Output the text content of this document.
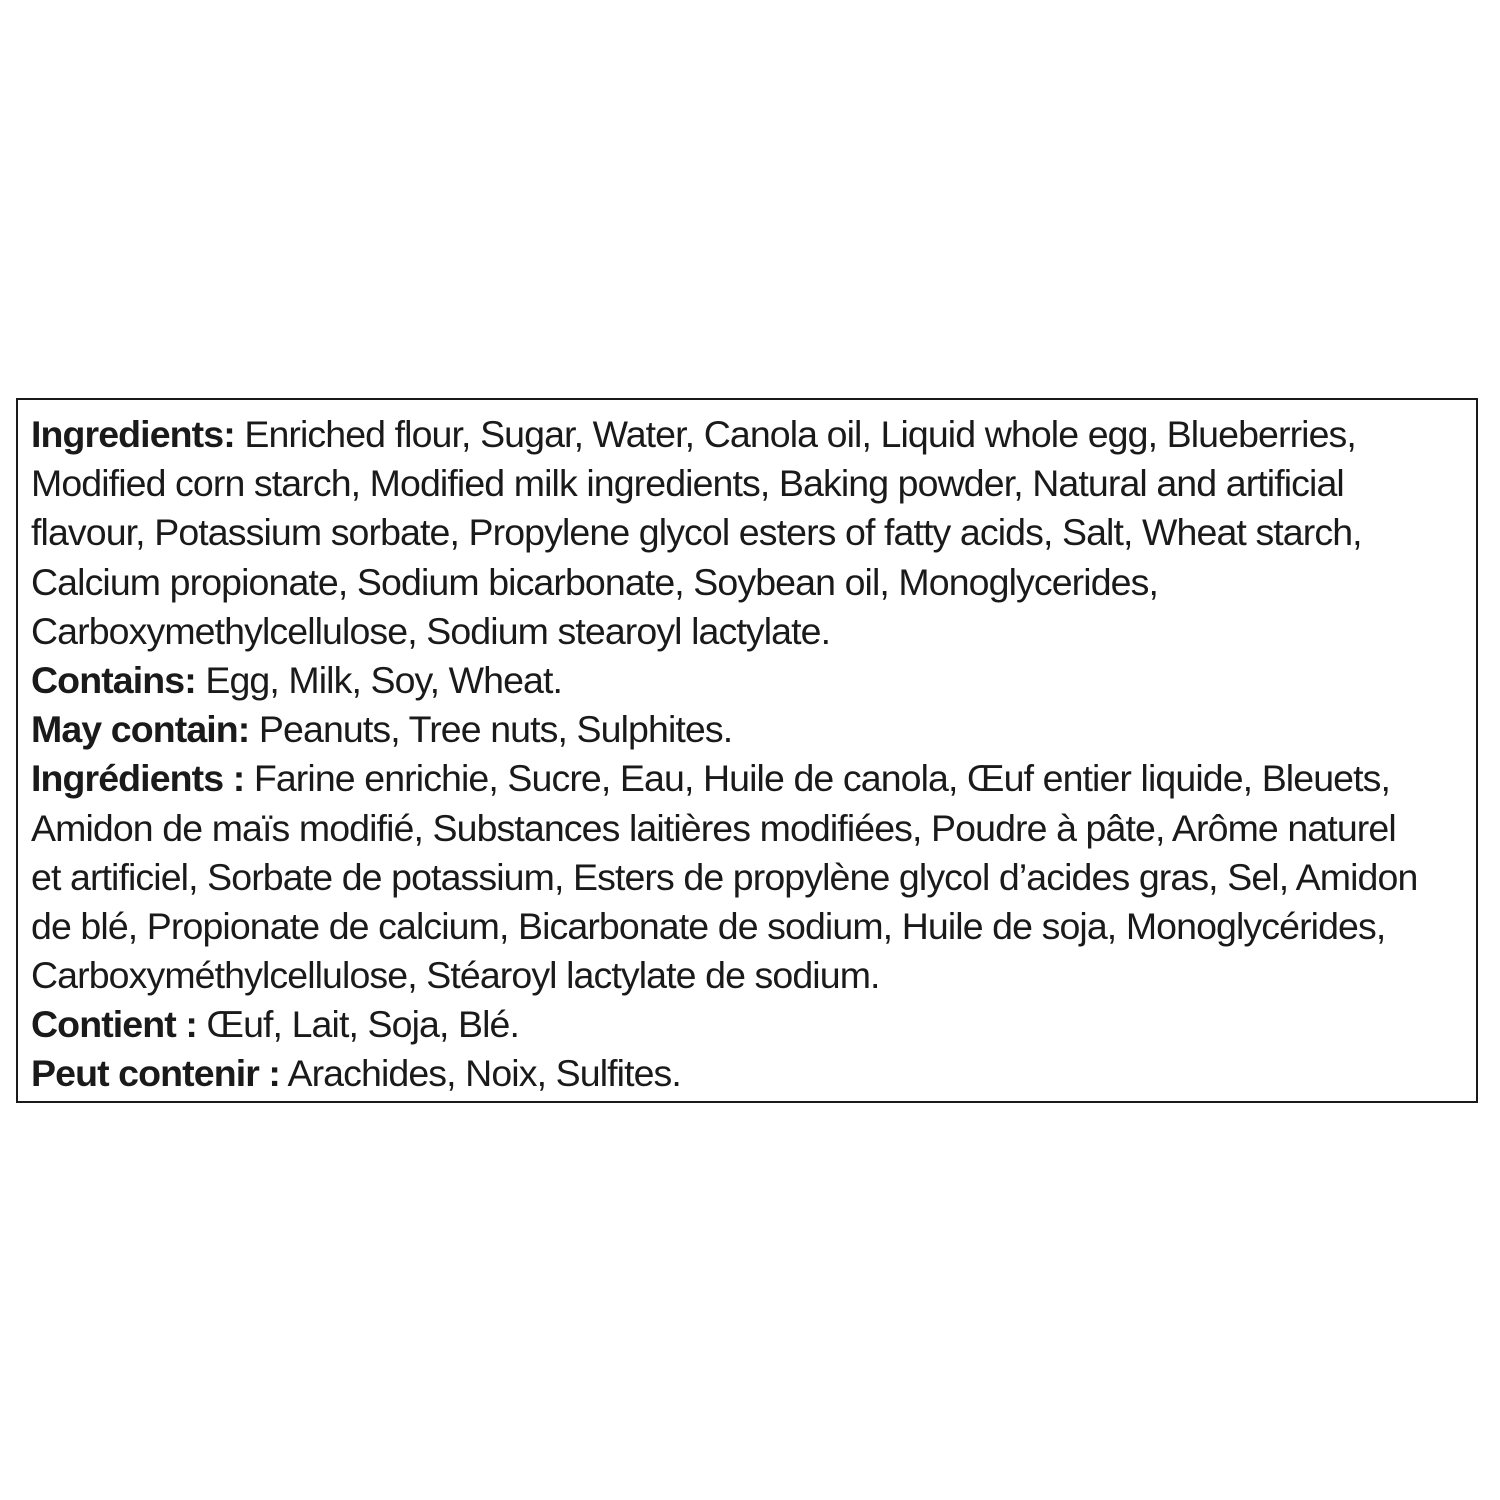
Ingredients: Enriched flour, Sugar, Water, Canola oil, Liquid whole egg, Blueberries,
Modified corn starch, Modified milk ingredients, Baking powder, Natural and artificial
flavour, Potassium sorbate, Propylene glycol esters of fatty acids, Salt, Wheat starch,
Calcium propionate, Sodium bicarbonate, Soybean oil, Monoglycerides,
Carboxymethylcellulose, Sodium stearoyl lactylate.
Contains: Egg, Milk, Soy, Wheat.
May contain: Peanuts, Tree nuts, Sulphites.
Ingrédients : Farine enrichie, Sucre, Eau, Huile de canola, Œuf entier liquide, Bleuets,
Amidon de maïs modifié, Substances laitières modifiées, Poudre à pâte, Arôme naturel
et artificiel, Sorbate de potassium, Esters de propylène glycol d’acides gras, Sel, Amidon
de blé, Propionate de calcium, Bicarbonate de sodium, Huile de soja, Monoglycérides,
Carboxyméthylcellulose, Stéaroyl lactylate de sodium.
Contient : Œuf, Lait, Soja, Blé.
Peut contenir : Arachides, Noix, Sulfites.
